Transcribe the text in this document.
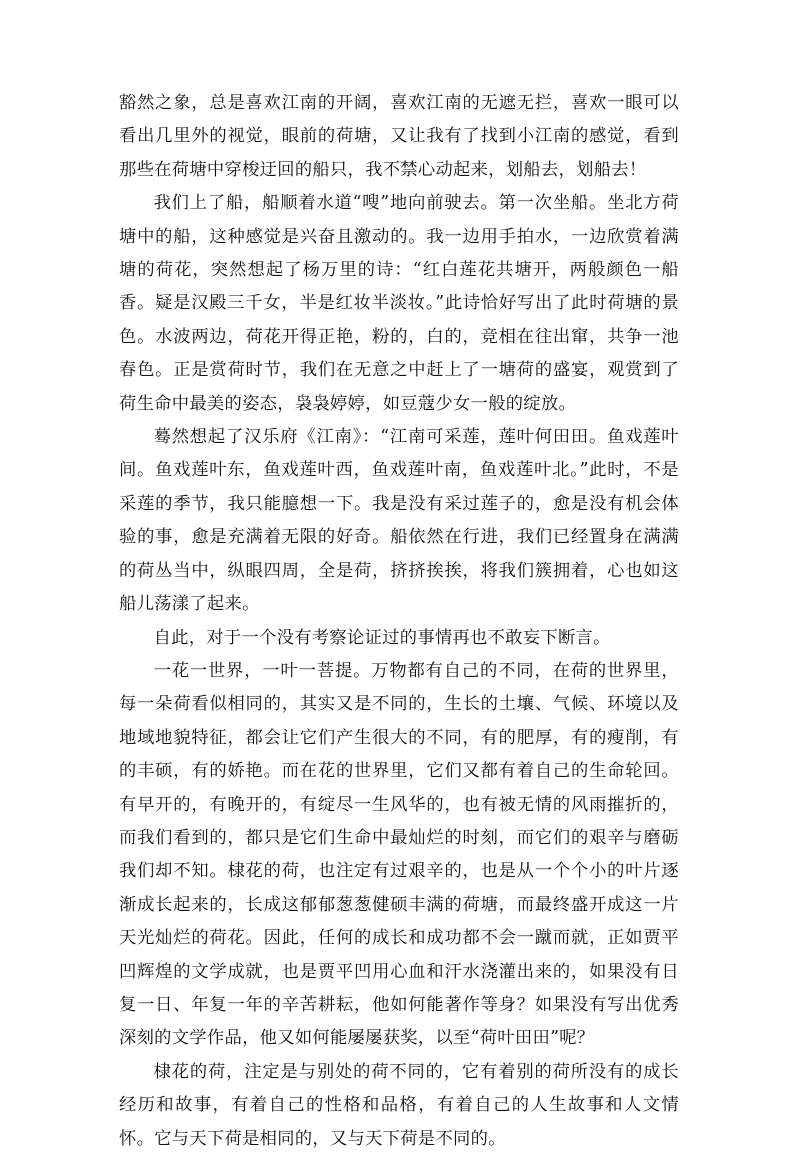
豁然之象，总是喜欢江南的开阔，喜欢江南的无遮无拦，喜欢一眼可以看出几里外的视觉，眼前的荷塘，又让我有了找到小江南的感觉，看到那些在荷塘中穿梭迂回的船只，我不禁心动起来，划船去，划船去！

我们上了船，船顺着水道“嗖”地向前驶去。第一次坐船。坐北方荷塘中的船，这种感觉是兴奋且激动的。我一边用手拍水，一边欣赏着满塘的荷花，突然想起了杨万里的诗：“红白莲花共塘开，两般颜色一船香。疑是汉殿三千女，半是红妆半淡妆。”此诗恰好写出了此时荷塘的景色。水波两边，荷花开得正艳，粉的，白的，竞相在往出窜，共争一池春色。正是赏荷时节，我们在无意之中赶上了一塘荷的盛宴，观赏到了荷生命中最美的姿态，袅袅婷婷，如豆蔻少女一般的绽放。

蓦然想起了汉乐府《江南》：“江南可采莲，莲叶何田田。鱼戏莲叶间。鱼戏莲叶东，鱼戏莲叶西，鱼戏莲叶南，鱼戏莲叶北。”此时，不是采莲的季节，我只能臆想一下。我是没有采过莲子的，愈是没有机会体验的事，愈是充满着无限的好奇。船依然在行进，我们已经置身在满满的荷丛当中，纵眼四周，全是荷，挤挤挨挨，将我们簇拥着，心也如这船儿荡漾了起来。

自此，对于一个没有考察论证过的事情再也不敢妄下断言。

一花一世界，一叶一菩提。万物都有自己的不同，在荷的世界里，每一朵荷看似相同的，其实又是不同的，生长的土壤、气候、环境以及地域地貌特征，都会让它们产生很大的不同，有的肥厚，有的瘦削，有的丰硕，有的娇艳。而在花的世界里，它们又都有着自己的生命轮回。有早开的，有晚开的，有绽尽一生风华的，也有被无情的风雨摧折的，而我们看到的，都只是它们生命中最灿烂的时刻，而它们的艰辛与磨砺我们却不知。棣花的荷，也注定有过艰辛的，也是从一个个小的叶片逐渐成长起来的，长成这郁郁葱葱健硕丰满的荷塘，而最终盛开成这一片天光灿烂的荷花。因此，任何的成长和成功都不会一蹴而就，正如贾平凹辉煌的文学成就，也是贾平凹用心血和汗水浇灌出来的，如果没有日复一日、年复一年的辛苦耕耘，他如何能著作等身？如果没有写出优秀深刻的文学作品，他又如何能屡屡获奖，以至“荷叶田田”呢？

棣花的荷，注定是与别处的荷不同的，它有着别的荷所没有的成长经历和故事，有着自己的性格和品格，有着自己的人生故事和人文情怀。它与天下荷是相同的，又与天下荷是不同的。
